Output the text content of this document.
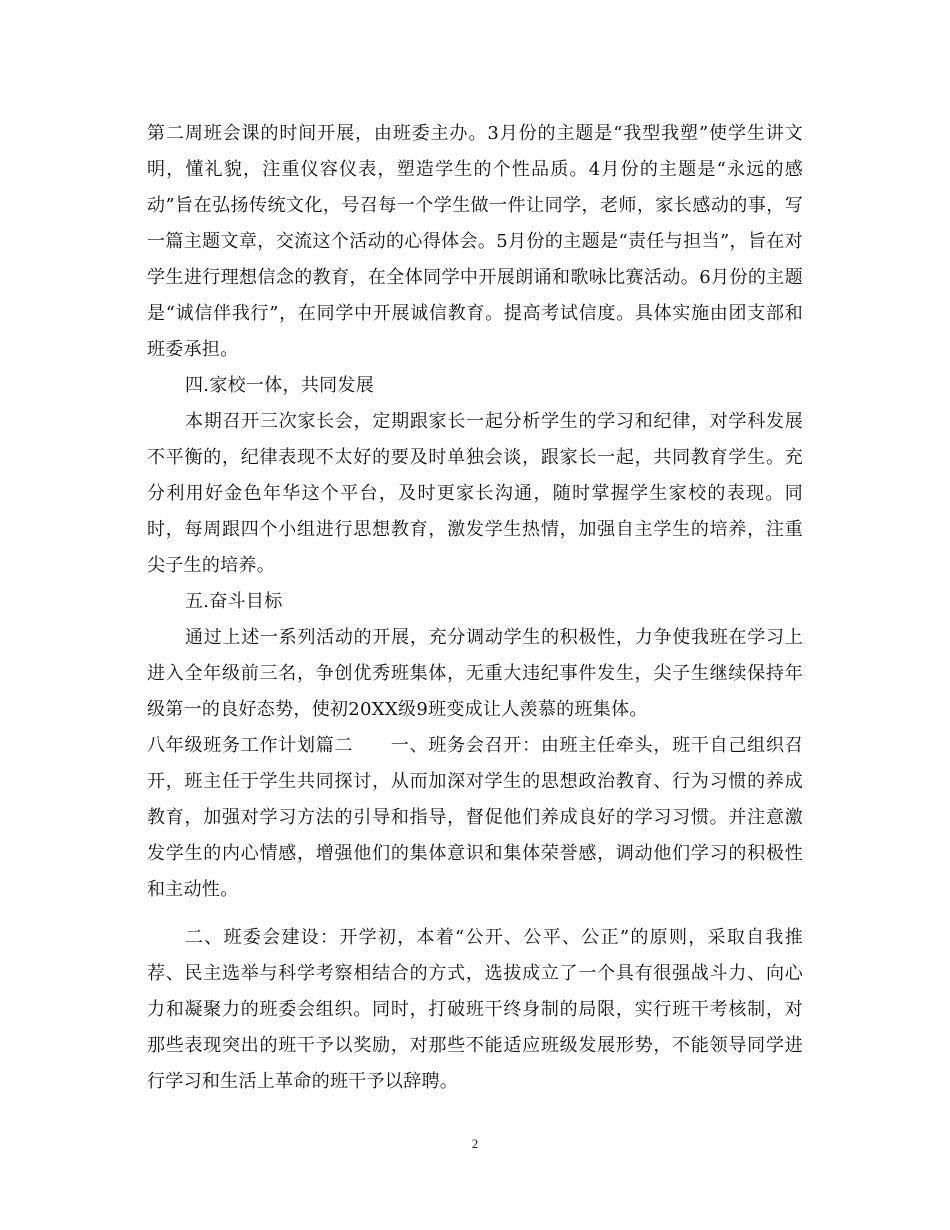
第二周班会课的时间开展，由班委主办。3月份的主题是“我型我塑”使学生讲文明，懂礼貌，注重仪容仪表，塑造学生的个性品质。4月份的主题是“永远的感动”旨在弘扬传统文化，号召每一个学生做一件让同学，老师，家长感动的事，写一篇主题文章，交流这个活动的心得体会。5月份的主题是“责任与担当”，旨在对学生进行理想信念的教育，在全体同学中开展朗诵和歌咏比赛活动。6月份的主题是“诚信伴我行”，在同学中开展诚信教育。提高考试信度。具体实施由团支部和班委承担。

四.家校一体，共同发展

本期召开三次家长会，定期跟家长一起分析学生的学习和纪律，对学科发展不平衡的，纪律表现不太好的要及时单独会谈，跟家长一起，共同教育学生。充分利用好金色年华这个平台，及时更家长沟通，随时掌握学生家校的表现。同时，每周跟四个小组进行思想教育，激发学生热情，加强自主学生的培养，注重尖子生的培养。

五.奋斗目标

通过上述一系列活动的开展，充分调动学生的积极性，力争使我班在学习上进入全年级前三名，争创优秀班集体，无重大违纪事件发生，尖子生继续保持年级第一的良好态势，使初20XX级9班变成让人羡慕的班集体。

八年级班务工作计划篇二　　一、班务会召开：由班主任牵头，班干自己组织召开，班主任于学生共同探讨，从而加深对学生的思想政治教育、行为习惯的养成教育，加强对学习方法的引导和指导，督促他们养成良好的学习习惯。并注意激发学生的内心情感，增强他们的集体意识和集体荣誉感，调动他们学习的积极性和主动性。

二、班委会建设：开学初，本着“公开、公平、公正”的原则，采取自我推荐、民主选举与科学考察相结合的方式，选拔成立了一个具有很强战斗力、向心力和凝聚力的班委会组织。同时，打破班干终身制的局限，实行班干考核制，对那些表现突出的班干予以奖励，对那些不能适应班级发展形势，不能领导同学进行学习和生活上革命的班干予以辞聘。

2
